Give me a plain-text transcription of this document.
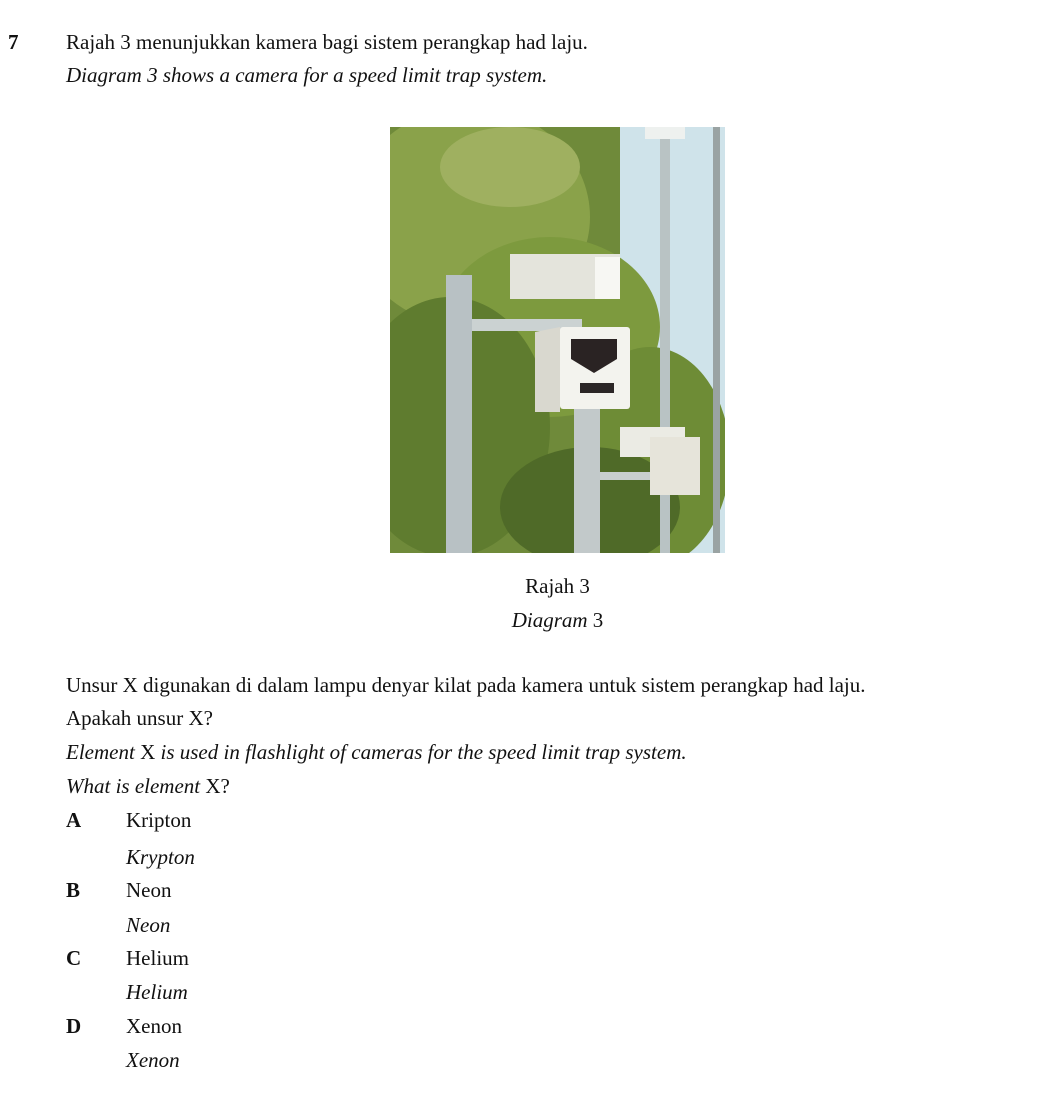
7 Rajah 3 menunjukkan kamera bagi sistem perangkap had laju.
Diagram 3 shows a camera for a speed limit trap system.
Rajah 3
Diagram 3
Unsur X digunakan di dalam lampu denyar kilat pada kamera untuk sistem perangkap had laju.
Apakah unsur X?
Element X is used in flashlight of cameras for the speed limit trap system.
What is element X?
A Kripton
Krypton
B Neon
Neon
C Helium
Helium
D Xenon
Xenon
